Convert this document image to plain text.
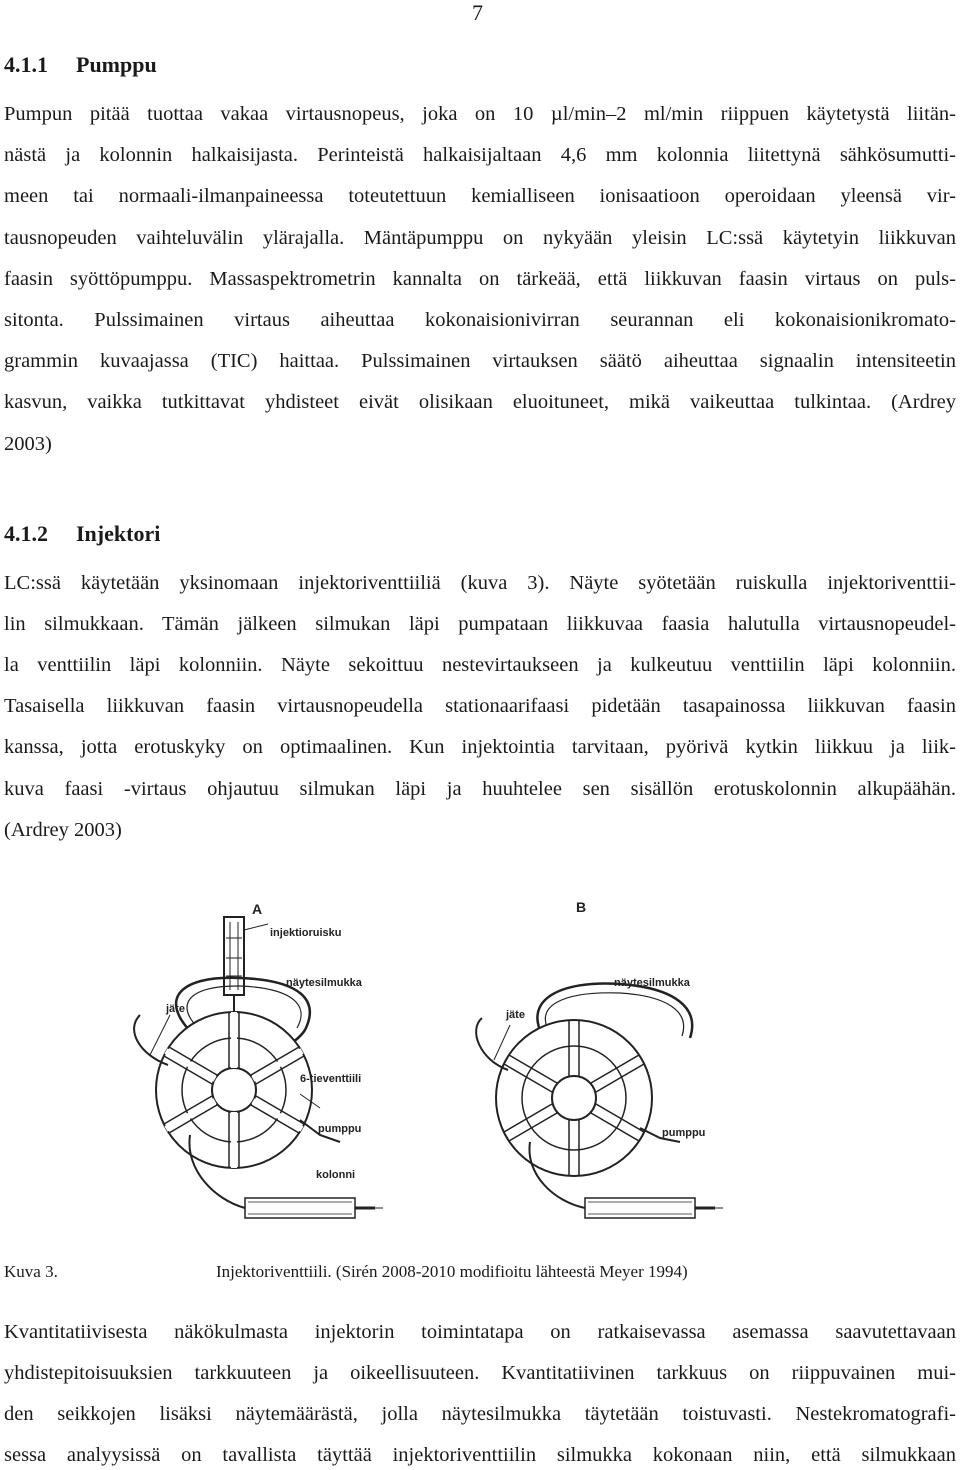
7
4.1.1 Pumppu
Pumpun pitää tuottaa vakaa virtausnopeus, joka on 10 µl/min–2 ml/min riippuen käytetystä liitän-
nästä ja kolonnin halkaisijasta. Perinteistä halkaisijaltaan 4,6 mm kolonnia liitettynä sähkösumutti-
meen tai normaali-ilmanpaineessa toteutettuun kemialliseen ionisaatioon operoidaan yleensä vir-
tausnopeuden vaihteluvälin ylärajalla. Mäntäpumppu on nykyään yleisin LC:ssä käytetyin liikkuvan
faasin syöttöpumppu. Massaspektrometrin kannalta on tärkeää, että liikkuvan faasin virtaus on puls-
sitonta. Pulssimainen virtaus aiheuttaa kokonaisionivirran seurannan eli kokonaisionikromato-
grammin kuvaajassa (TIC) haittaa. Pulssimainen virtauksen säätö aiheuttaa signaalin intensiteetin
kasvun, vaikka tutkittavat yhdisteet eivät olisikaan eluoituneet, mikä vaikeuttaa tulkintaa. (Ardrey
2003)
4.1.2 Injektori
LC:ssä käytetään yksinomaan injektoriventtiiliä (kuva 3). Näyte syötetään ruiskulla injektoriventtii-
lin silmukkaan. Tämän jälkeen silmukan läpi pumpataan liikkuvaa faasia halutulla virtausnopeudel-
la venttiilin läpi kolonniin. Näyte sekoittuu nestevirtaukseen ja kulkeutuu venttiilin läpi kolonniin.
Tasaisella liikkuvan faasin virtausnopeudella stationaarifaasi pidetään tasapainossa liikkuvan faasin
kanssa, jotta erotuskyky on optimaalinen. Kun injektointia tarvitaan, pyörivä kytkin liikkuu ja liik-
kuva faasi -virtaus ohjautuu silmukan läpi ja huuhtelee sen sisällön erotuskolonnin alkupäähän.
(Ardrey 2003)
A
injektioruisku
näytesilmukka
jäte
6-tieventtiili
pumppu
kolonni
B
näytesilmukka
jäte
pumppu
Kuva 3.	Injektoriventtiili. (Sirén 2008-2010 modifioitu lähteestä Meyer 1994)
Kvantitatiivisesta näkökulmasta injektorin toimintatapa on ratkaisevassa asemassa saavutettavaan
yhdistepitoisuuksien tarkkuuteen ja oikeellisuuteen. Kvantitatiivinen tarkkuus on riippuvainen mui-
den seikkojen lisäksi näytemäärästä, jolla näytesilmukka täytetään toistuvasti. Nestekromatografi-
sessa analyysissä on tavallista täyttää injektoriventtiilin silmukka kokonaan niin, että silmukkaan
